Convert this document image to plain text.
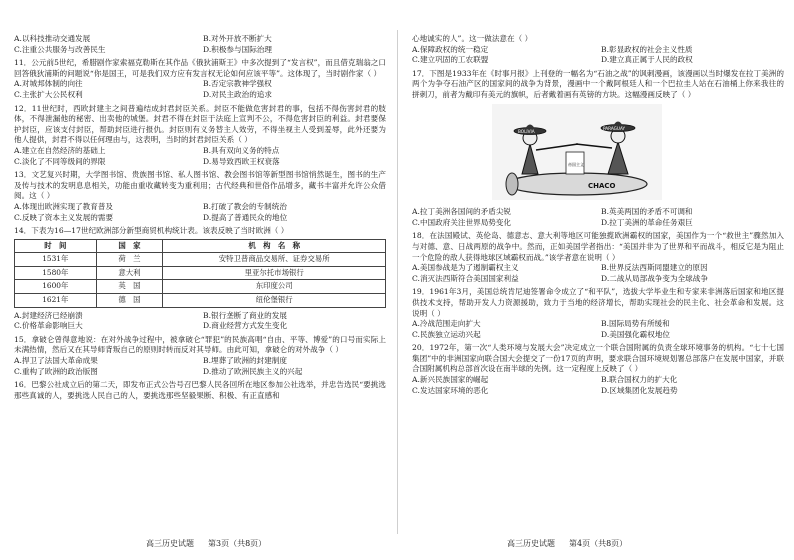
A.以科技推动交通发展	B.对外开放不断扩大
C.注重公共服务与改善民生	D.积极参与国际治理

11．公元前5世纪，希腊剧作家索福克勒斯在其作品《俄狄浦斯王》中多次提到了“发言权”，而且借克瑞翁之口回答俄狄浦斯的问题说“你是国王，可是我们双方应有发言权无论如何应该平等”。这体现了，当时剧作家（ ）

A.对城邦体制的向往	B.否定宗教神学强权
C.主张扩大公民权利	D.对民主政治的追求

12．11世纪时，西欧封建主之间普遍结成封君封臣关系。封臣不能做危害封君的事，包括不得伤害封君的肢体，不得泄漏他的秘密、出卖他的城堡。封君不得在封臣于法庭上宣判不公，不得危害封臣的利益。封君要保护封臣，应该支付封臣，帮助封臣进行报仇。封臣则有义务替主人效劳，不得坐视主人受到羞辱，此外还要为他人提供，封君不得以任何理由与，这表明，当时的封君封臣关系（ ）

A.建立在自然经济的基础上	B.具有双向义务的特点
C.淡化了不同等级间的界限	D.易导致西欧王权衰落

13．文艺复兴时期，大学图书馆、贵族图书馆、私人图书馆、教会图书馆等新型图书馆悄然诞生，图书的生产及传与技术的发明息息相关，功能由重收藏转变为重利用；古代经典和世俗作品增多，藏书丰富并允许公众借阅。这（ ）

A.体现出欧洲实现了教育普及	B.打破了教会的专制统治
C.反映了资本主义发展的需要	D.提高了普通民众的地位

14．下表为16—17世纪欧洲部分新型商贸机构统计表。该表反映了当时欧洲（ ）

时　间	国　家	机　构　名　称
1531年	荷　兰	安特卫普商品交易所、证券交易所
1580年	意大利	里亚尔托市场银行
1600年	英　国	东印度公司
1621年	德　国	纽伦堡银行
A.封建经济已经崩溃	B.银行垄断了商业的发展
C.价格革命影响巨大	D.商业经营方式发生变化

15．拿破仑曾得意地说：在对外战争过程中，被拿破仑“罪犯”的民族高唱“自由、平等、博爱”的口号而实际上未满热情，然后又在其导师背叛自己的原则时转而反对其导师。由此可知，拿破仑的对外战争（ ）

A.捍卫了法国大革命成果	B.埋葬了欧洲的封建制度
C.重构了欧洲的政治版图	D.推动了欧洲民族主义的兴起

16．巴黎公社成立后的第二天，即发布正式公告号召巴黎人民各回所在地区参加公社选举，并忠告选民“要挑选那些真诚的人，要挑选人民自己的人，要挑选那些坚毅果断、积极、有正直感和

心地诚实的人”。这一做法意在（ ）

A.保障政权的统一稳定	B.彰显政权的社会主义性质
C.建立巩固的工农联盟	D.建立真正属于人民的政权

17．下图是1933年在《时事月报》上刊登的一幅名为“石油之战”的讽刺漫画，该漫画以当时爆发在拉丁美洲的两个为争夺石油产区的国家间的战争为背景，漫画中一个戴阿根廷人和一个巴拉圭人站在石油桶上你来我往的拼刺刀，前者为戴印有美元的旗帜，后者戴着画有英镑的方块。这幅漫画反映了（ ）

CHACO
BOLIVIA
PARAGUAY
帝国主义
A.拉丁美洲各国间的矛盾尖锐	B.英美两国的矛盾不可调和
C.中国政府关注世界局势变化	D.拉丁美洲的革命任务艰巨

18．在法国殿试、英伦岛、德意志、意大利等地区可能独揽欧洲霸权的国家，美国作为一个“救世主”骤然加入与对德、意、日战两原的战争中。然而，正如美国学者指出：“美国并非为了世界和平而战斗，相反它是为阻止一个危险的敌人获得地球区域霸权而战。”该学者意在说明（ ）

A.美国参战是为了遏制霸权主义	B.世界反法西斯同盟建立的原因
C.消灭法西斯符合美国国家利益	D.二战从局部战争变为全球战争

19．1961年3月，美国总统肯尼迪签署命令成立了“和平队”，选拔大学毕业生和专家来非洲落后国家和地区提供技术支持，帮助开发人力资源援助，致力于当地的经济增长，帮助实现社会的民主化、社会革命和发展。这说明（ ）

A.冷战范围走向扩大	B.国际局势有所缓和
C.民族独立运动兴起	D.美国强化霸权地位

20．1972年，第一次“人类环境与发展大会”决定成立一个联合国附属的负责全球环境事务的机构。“七十七国集团”中的非洲国家向联合国大会提交了一份17页的声明，要求联合国环境规划署总部落户在发展中国家，并联合国附属机构总部首次设在南半球的先例。这一定程度上反映了（ ）

A.新兴民族国家的崛起	B.联合国权力的扩大化
C.发达国家环境的恶化	D.区域集团化发展趋势
高三历史试题 第3页（共8页）	高三历史试题 第4页（共8页）
